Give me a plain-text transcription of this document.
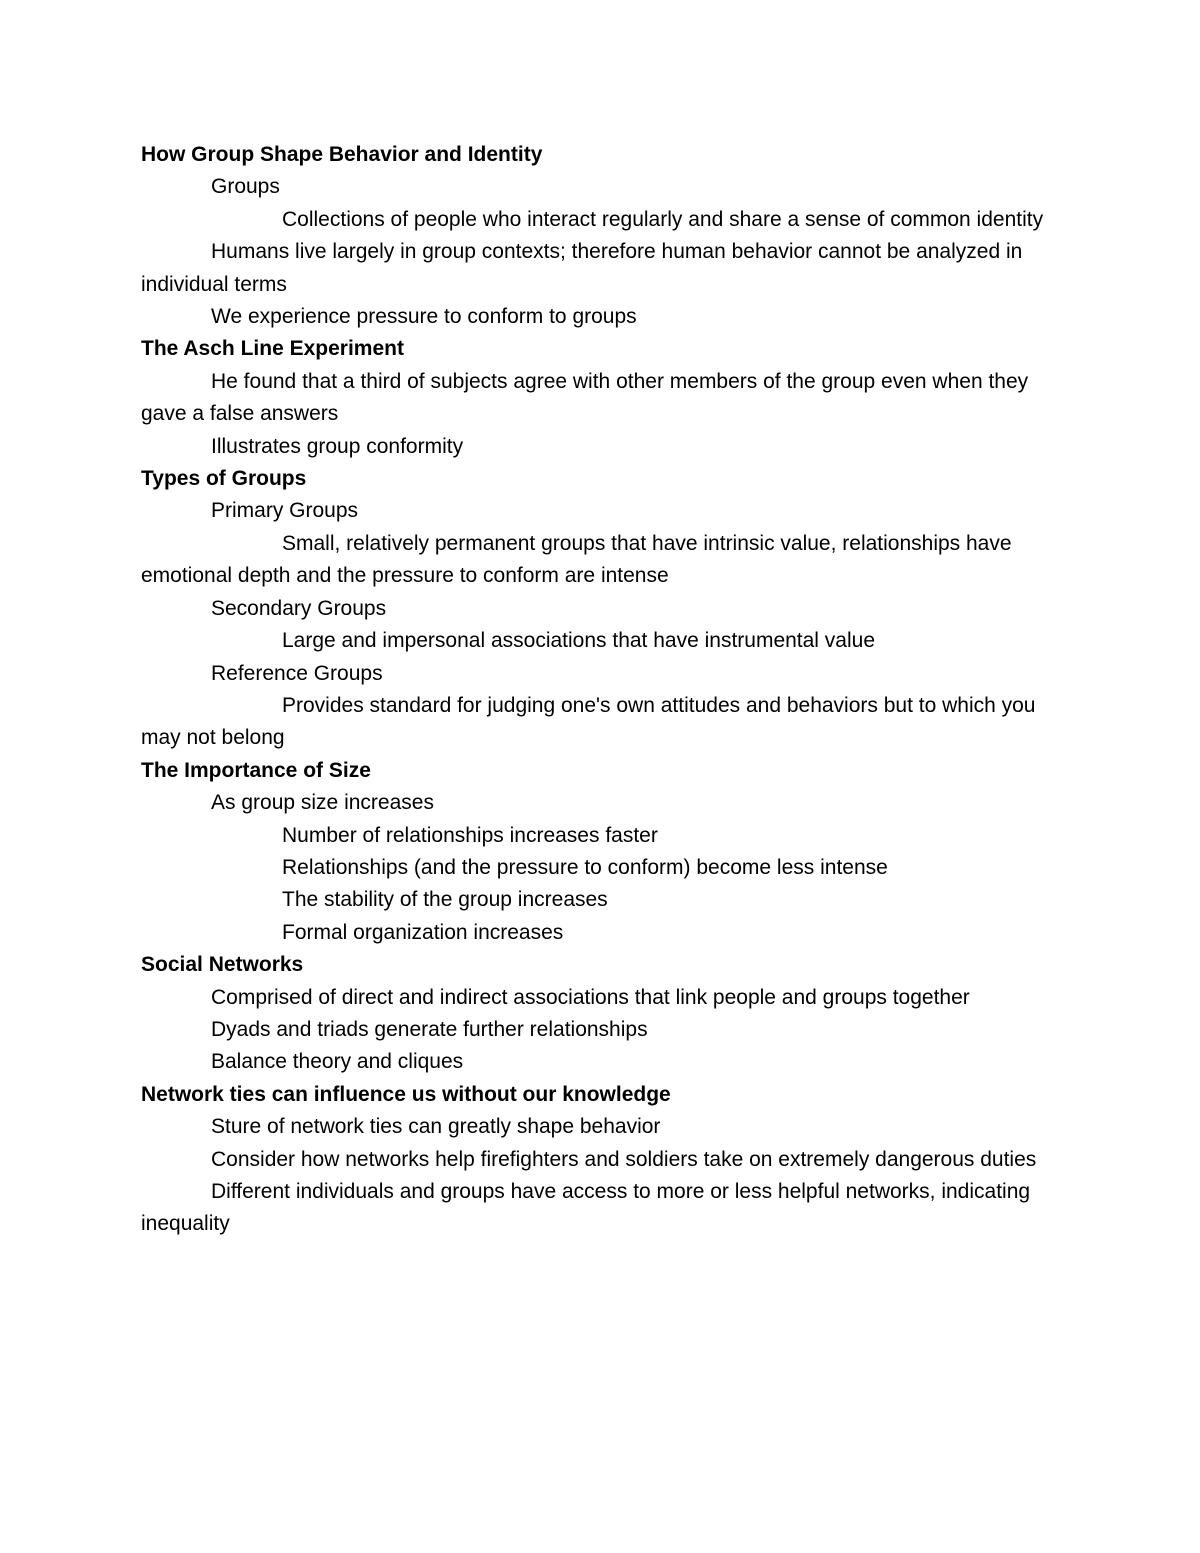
How Group Shape Behavior and Identity

Groups

Collections of people who interact regularly and share a sense of common identity

Humans live largely in group contexts; therefore human behavior cannot be analyzed in individual terms

We experience pressure to conform to groups

The Asch Line Experiment

He found that a third of subjects agree with other members of the group even when they gave a false answers

Illustrates group conformity

Types of Groups

Primary Groups

Small, relatively permanent groups that have intrinsic value, relationships have emotional depth and the pressure to conform are intense

Secondary Groups

Large and impersonal associations that have instrumental value

Reference Groups

Provides standard for judging one's own attitudes and behaviors but to which you may not belong

The Importance of Size

As group size increases

Number of relationships increases faster

Relationships (and the pressure to conform) become less intense

The stability of the group increases

Formal organization increases

Social Networks

Comprised of direct and indirect associations that link people and groups together

Dyads and triads generate further relationships

Balance theory and cliques

Network ties can influence us without our knowledge

Sture of network ties can greatly shape behavior

Consider how networks help firefighters and soldiers take on extremely dangerous duties

Different individuals and groups have access to more or less helpful networks, indicating inequality
